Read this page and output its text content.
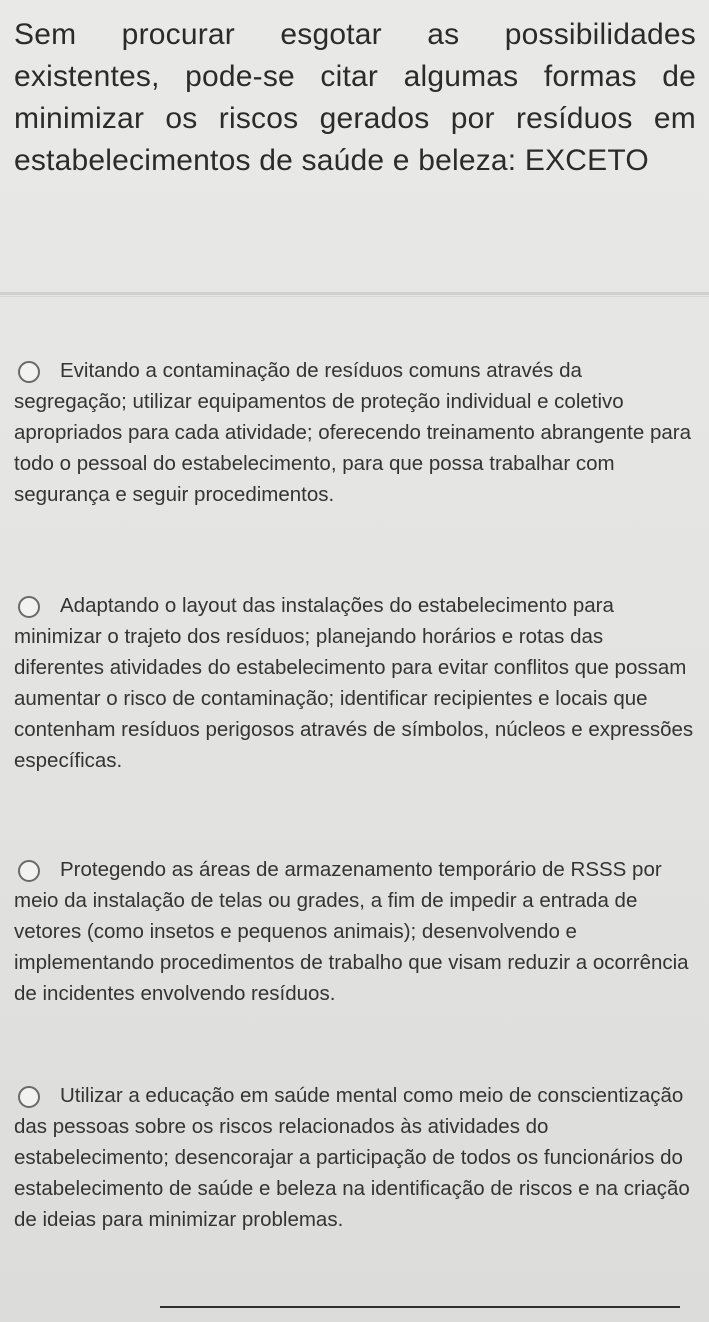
Sem procurar esgotar as possibilidades existentes, pode-se citar algumas formas de minimizar os riscos gerados por resíduos em estabelecimentos de saúde e beleza: EXCETO
Evitando a contaminação de resíduos comuns através da segregação; utilizar equipamentos de proteção individual e coletivo apropriados para cada atividade; oferecendo treinamento abrangente para todo o pessoal do estabelecimento, para que possa trabalhar com segurança e seguir procedimentos.
Adaptando o layout das instalações do estabelecimento para minimizar o trajeto dos resíduos; planejando horários e rotas das diferentes atividades do estabelecimento para evitar conflitos que possam aumentar o risco de contaminação; identificar recipientes e locais que contenham resíduos perigosos através de símbolos, núcleos e expressões específicas.
Protegendo as áreas de armazenamento temporário de RSSS por meio da instalação de telas ou grades, a fim de impedir a entrada de vetores (como insetos e pequenos animais); desenvolvendo e implementando procedimentos de trabalho que visam reduzir a ocorrência de incidentes envolvendo resíduos.
Utilizar a educação em saúde mental como meio de conscientização das pessoas sobre os riscos relacionados às atividades do estabelecimento; desencorajar a participação de todos os funcionários do estabelecimento de saúde e beleza na identificação de riscos e na criação de ideias para minimizar problemas.
